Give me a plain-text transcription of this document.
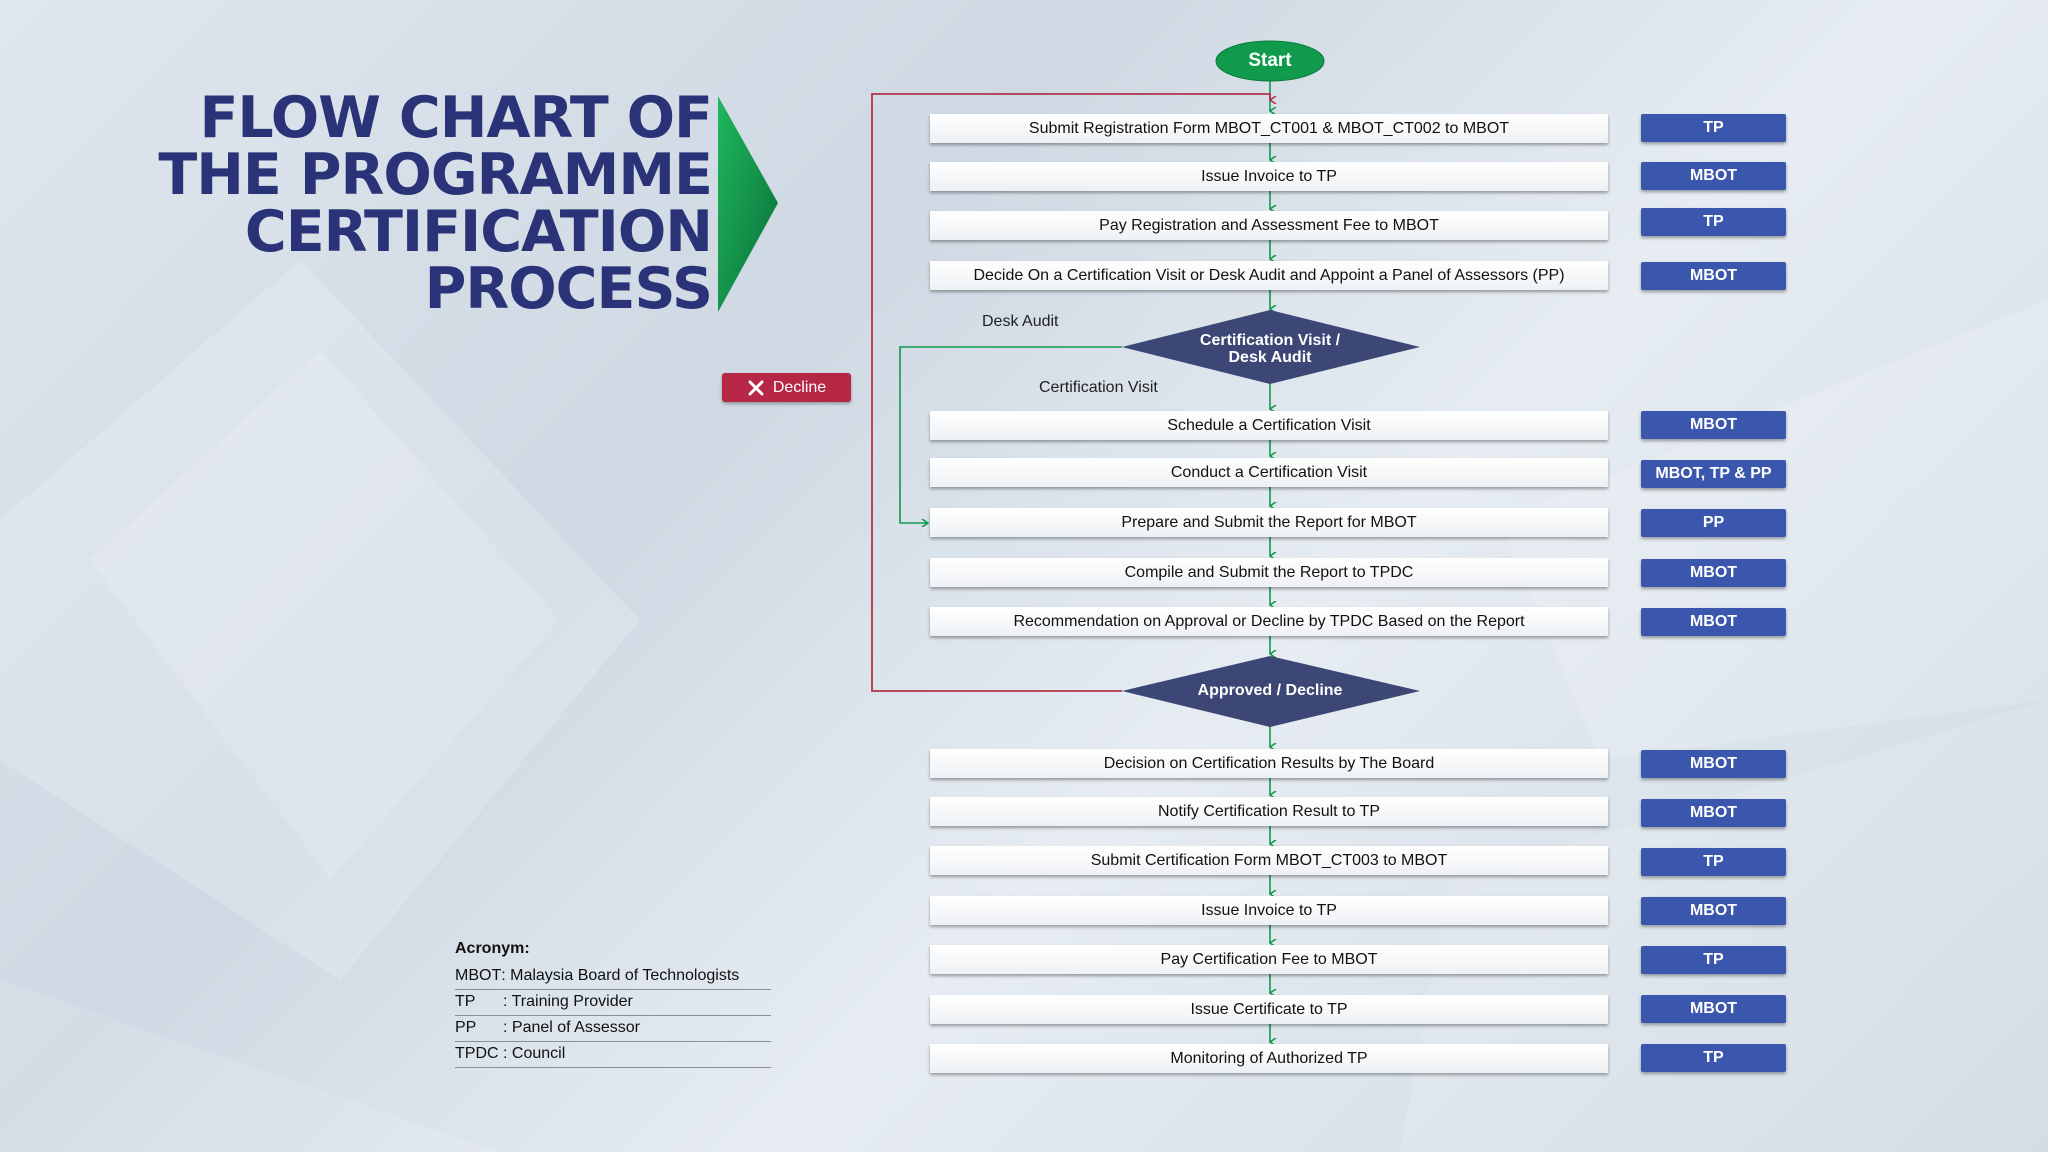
FLOW CHART OF
THE PROGRAMME
CERTIFICATION
PROCESS
Start
Certification Visit /
Desk Audit
Approved / Decline
Desk Audit
Certification Visit
Decline
Submit Registration Form MBOT_CT001 & MBOT_CT002 to MBOT	TP
Issue Invoice to TP	MBOT
Pay Registration and Assessment Fee to MBOT	TP
Decide On a Certification Visit or Desk Audit and Appoint a Panel of Assessors (PP)	MBOT
Schedule a Certification Visit	MBOT
Conduct a Certification Visit	MBOT, TP & PP
Prepare and Submit the Report for MBOT	PP
Compile and Submit the Report to TPDC	MBOT
Recommendation on Approval or Decline by TPDC Based on the Report	MBOT
Decision on Certification Results by The Board	MBOT
Notify Certification Result to TP	MBOT
Submit Certification Form MBOT_CT003 to MBOT	TP
Issue Invoice to TP	MBOT
Pay Certification Fee to MBOT	TP
Issue Certificate to TP	MBOT
Monitoring of Authorized TP	TP
Acronym:
MBOT: Malaysia Board of Technologists
TP : Training Provider
PP : Panel of Assessor
TPDC : Council
